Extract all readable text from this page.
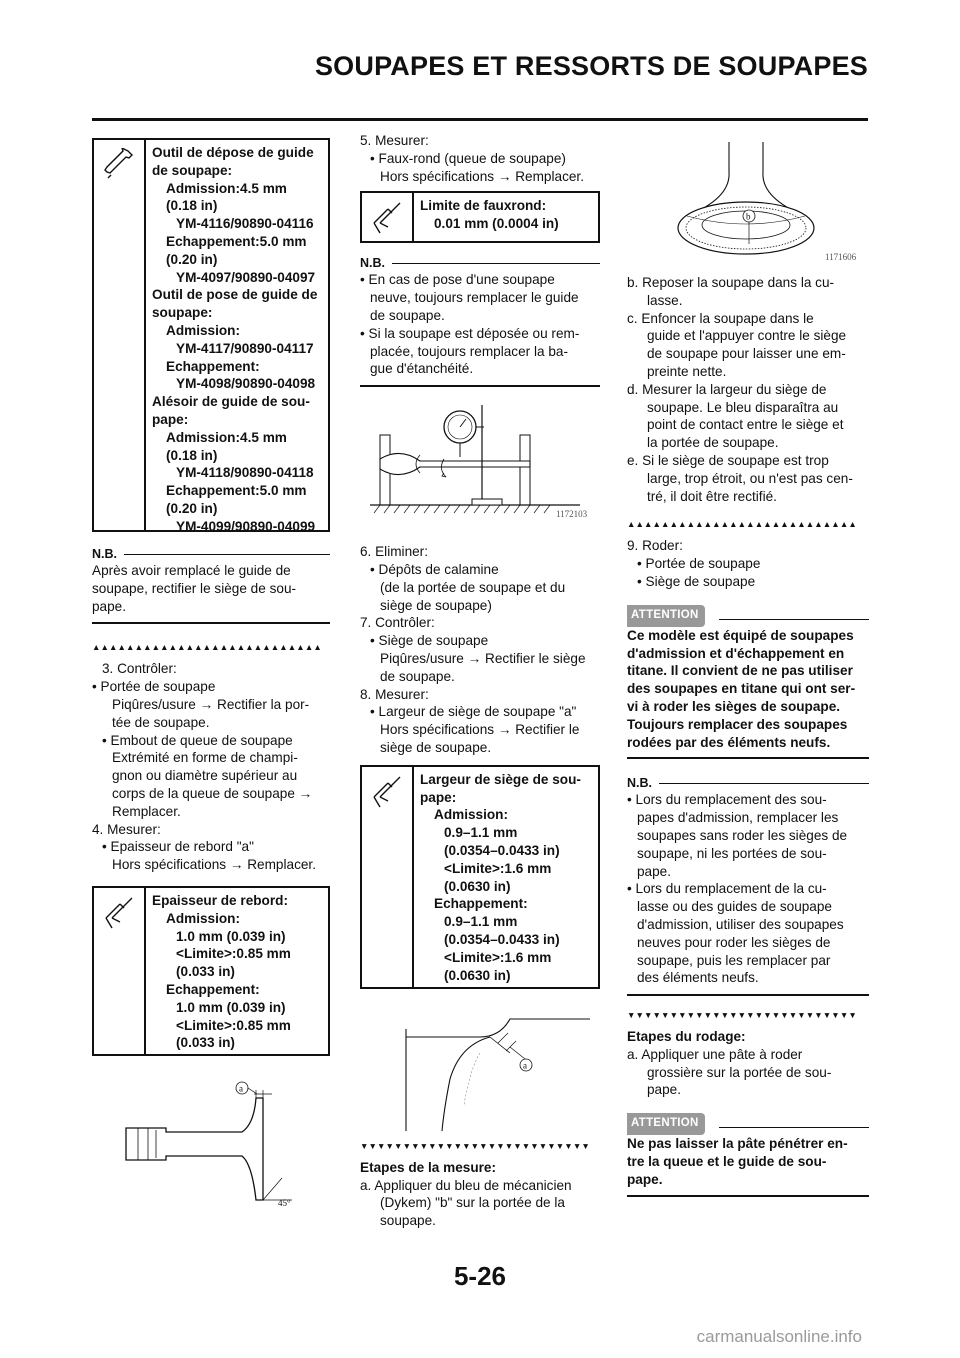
SOUPAPES ET RESSORTS DE SOUPAPES
Outil de dépose de guide
de soupape:
Admission:4.5 mm
(0.18 in)
YM-4116/90890-04116
Echappement:5.0 mm
(0.20 in)
YM-4097/90890-04097
Outil de pose de guide de
soupape:
Admission:
YM-4117/90890-04117
Echappement:
YM-4098/90890-04098
Alésoir de guide de sou-
pape:
Admission:4.5 mm
(0.18 in)
YM-4118/90890-04118
Echappement:5.0 mm
(0.20 in)
YM-4099/90890-04099
N.B.

Après avoir remplacé le guide de

soupape, rectifier le siège de sou-

pape.

▲▲▲▲▲▲▲▲▲▲▲▲▲▲▲▲▲▲▲▲▲▲▲▲▲▲▲

3. Contrôler:

• Portée de soupape

Piqûres/usure → Rectifier la por-

tée de soupape.

• Embout de queue de soupape

Extrémité en forme de champi-

gnon ou diamètre supérieur au

corps de la queue de soupape →

Remplacer.

4. Mesurer:

• Epaisseur de rebord "a"

Hors spécifications → Remplacer.

Epaisseur de rebord:
Admission:
1.0 mm (0.039 in)
<Limite>:0.85 mm
(0.033 in)
Echappement:
1.0 mm (0.039 in)
<Limite>:0.85 mm
(0.033 in)
a
45°

5. Mesurer:

• Faux-rond (queue de soupape)

Hors spécifications → Remplacer.

Limite de fauxrond:
0.01 mm (0.0004 in)
N.B.

• En cas de pose d'une soupape

neuve, toujours remplacer le guide

de soupape.

• Si la soupape est déposée ou rem-

placée, toujours remplacer la ba-

gue d'étanchéité.

1172103

6. Eliminer:

• Dépôts de calamine

(de la portée de soupape et du

siège de soupape)

7. Contrôler:

• Siège de soupape

Piqûres/usure → Rectifier le siège

de soupape.

8. Mesurer:

• Largeur de siège de soupape "a"

Hors spécifications → Rectifier le

siège de soupape.

Largeur de siège de sou-
pape:
Admission:
0.9–1.1 mm
(0.0354–0.0433 in)
<Limite>:1.6 mm
(0.0630 in)
Echappement:
0.9–1.1 mm
(0.0354–0.0433 in)
<Limite>:1.6 mm
(0.0630 in)
a
▼▼▼▼▼▼▼▼▼▼▼▼▼▼▼▼▼▼▼▼▼▼▼▼▼▼▼

Etapes de la mesure:

a. Appliquer du bleu de mécanicien

(Dykem) "b" sur la portée de la

soupape.

b
1171606

b. Reposer la soupape dans la cu-

lasse.

c. Enfoncer la soupape dans le

guide et l'appuyer contre le siège

de soupape pour laisser une em-

preinte nette.

d. Mesurer la largeur du siège de

soupape. Le bleu disparaîtra au

point de contact entre le siège et

la portée de soupape.

e. Si le siège de soupape est trop

large, trop étroit, ou n'est pas cen-

tré, il doit être rectifié.

▲▲▲▲▲▲▲▲▲▲▲▲▲▲▲▲▲▲▲▲▲▲▲▲▲▲▲

9. Roder:

• Portée de soupape

• Siège de soupape

ATTENTION

Ce modèle est équipé de soupapes

d'admission et d'échappement en

titane. Il convient de ne pas utiliser

des soupapes en titane qui ont ser-

vi à roder les sièges de soupape.

Toujours remplacer des soupapes

rodées par des éléments neufs.

N.B.

• Lors du remplacement des sou-

papes d'admission, remplacer les

soupapes sans roder les sièges de

soupape, ni les portées de sou-

pape.

• Lors du remplacement de la cu-

lasse ou des guides de soupape

d'admission, utiliser des soupapes

neuves pour roder les sièges de

soupape, puis les remplacer par

des éléments neufs.

▼▼▼▼▼▼▼▼▼▼▼▼▼▼▼▼▼▼▼▼▼▼▼▼▼▼▼

Etapes du rodage:

a. Appliquer une pâte à roder

grossière sur la portée de sou-

pape.

ATTENTION

Ne pas laisser la pâte pénétrer en-

tre la queue et le guide de sou-

pape.

5-26
carmanualsonline.info
